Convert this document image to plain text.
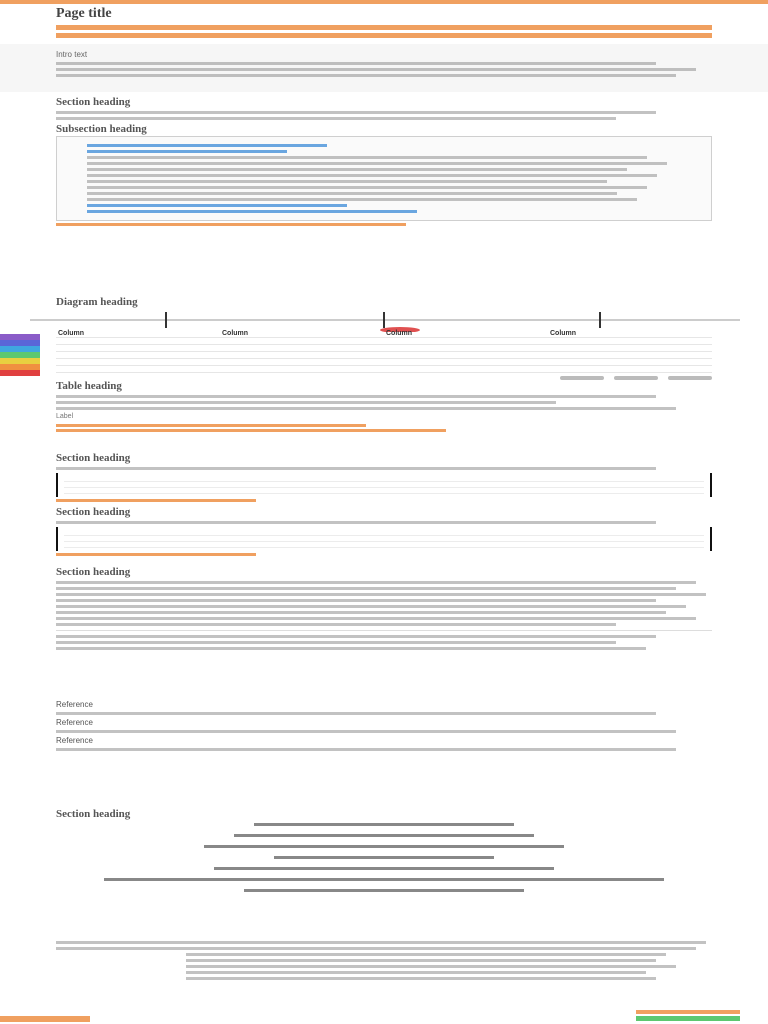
Page title
Intro text
Section heading
Subsection heading
Diagram heading
Column	Column	Column	Column

Table heading
Label
Section heading
Section heading
Section heading
Reference
Reference
Reference
Section heading
